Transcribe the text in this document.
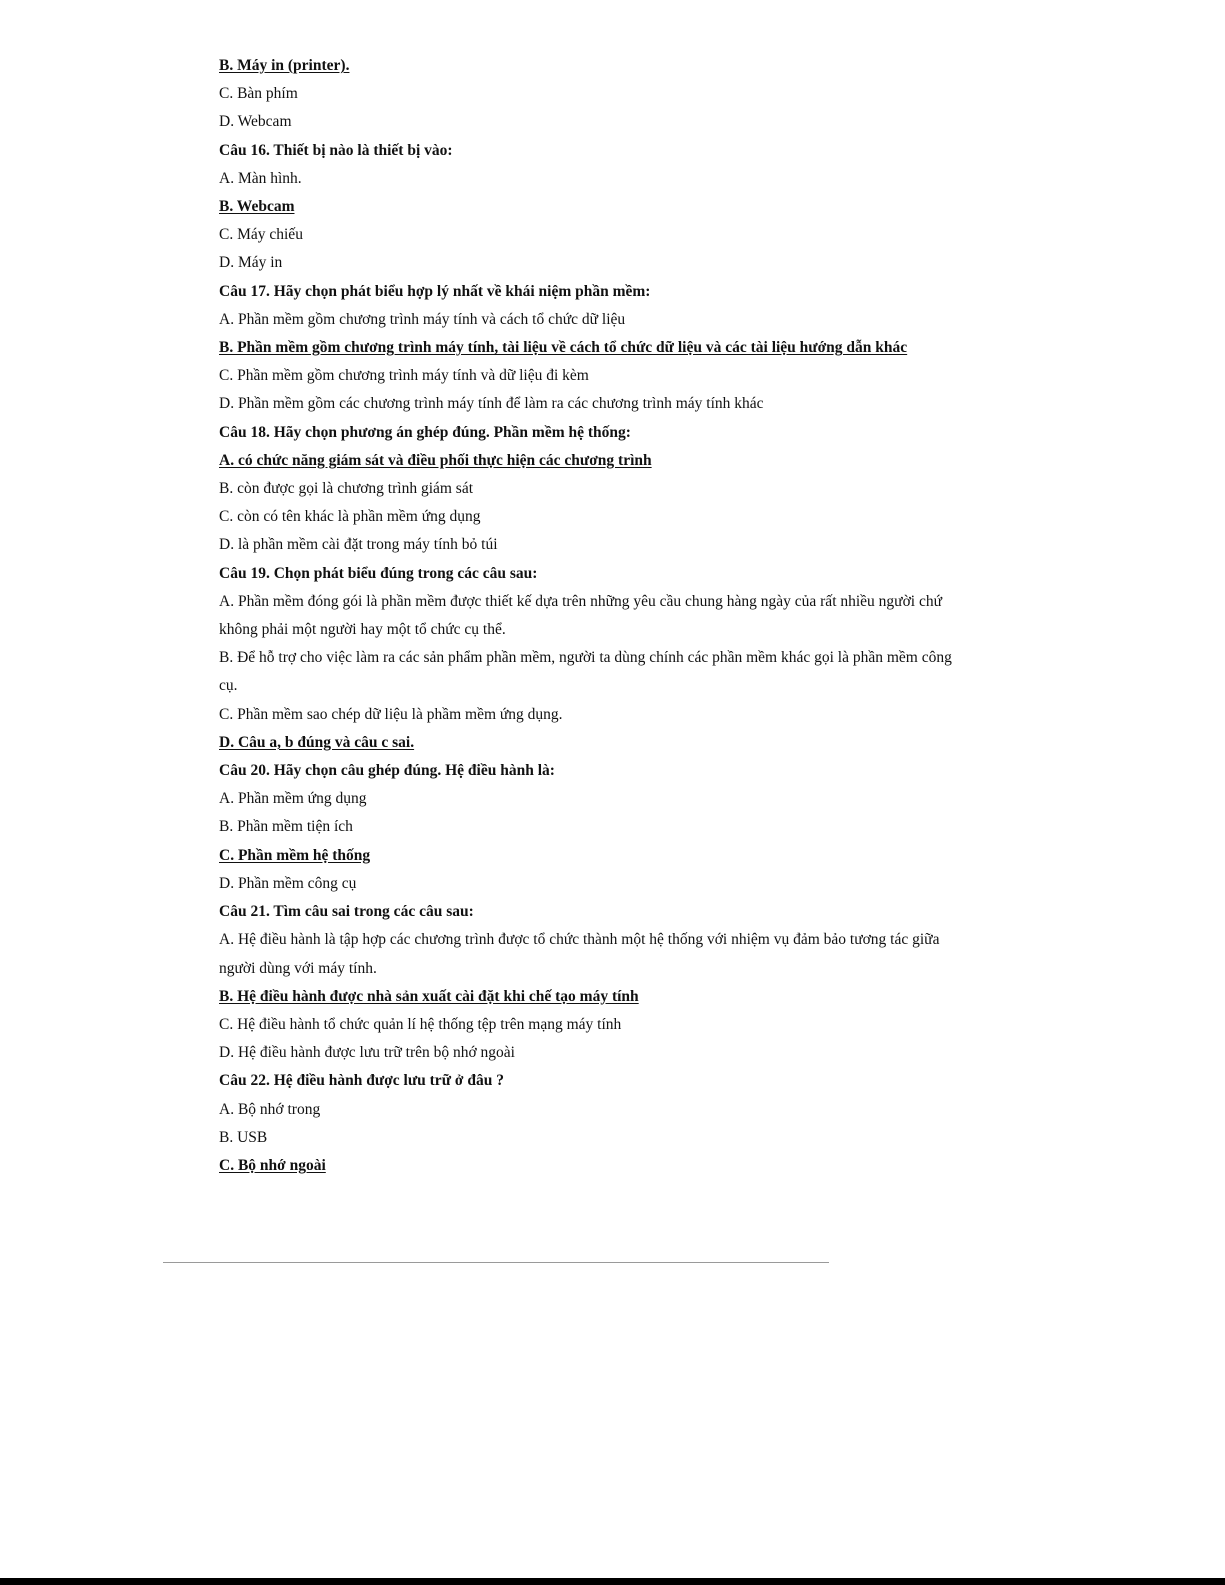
B. Máy in (printer).

C. Bàn phím

D. Webcam

Câu 16. Thiết bị nào là thiết bị vào:

A. Màn hình.

B. Webcam

C. Máy chiếu

D. Máy in

Câu 17. Hãy chọn phát biểu hợp lý nhất về khái niệm phần mềm:

A. Phần mềm gồm chương trình máy tính và cách tổ chức dữ liệu

B. Phần mềm gồm chương trình máy tính, tài liệu về cách tổ chức dữ liệu và các tài liệu hướng dẫn khác

C. Phần mềm gồm chương trình máy tính và dữ liệu đi kèm

D. Phần mềm gồm các chương trình máy tính để làm ra các chương trình máy tính khác

Câu 18. Hãy chọn phương án ghép đúng. Phần mềm hệ thống:

A. có chức năng giám sát và điều phối thực hiện các chương trình

B. còn được gọi là chương trình giám sát

C. còn có tên khác là phần mềm ứng dụng

D. là phần mềm cài đặt trong máy tính bỏ túi

Câu 19. Chọn phát biểu đúng trong các câu sau:

A. Phần mềm đóng gói là phần mềm được thiết kế dựa trên những yêu cầu chung hàng ngày của rất nhiều người chứ

không phải một người hay một tổ chức cụ thể.

B. Để hỗ trợ cho việc làm ra các sản phẩm phần mềm, người ta dùng chính các phần mềm khác gọi là phần mềm công

cụ.

C. Phần mềm sao chép dữ liệu là phầm mềm ứng dụng.

D. Câu a, b đúng và câu c sai.

Câu 20. Hãy chọn câu ghép đúng. Hệ điều hành là:

A. Phần mềm ứng dụng

B. Phần mềm tiện ích

C. Phần mềm hệ thống

D. Phần mềm công cụ

Câu 21. Tìm câu sai trong các câu sau:

A. Hệ điều hành là tập hợp các chương trình được tổ chức thành một hệ thống với nhiệm vụ đảm bảo tương tác giữa

người dùng với máy tính.

B. Hệ điều hành được nhà sản xuất cài đặt khi chế tạo máy tính

C. Hệ điều hành tổ chức quản lí hệ thống tệp trên mạng máy tính

D. Hệ điều hành được lưu trữ trên bộ nhớ ngoài

Câu 22. Hệ điều hành được lưu trữ ở đâu ?

A. Bộ nhớ trong

B. USB

C. Bộ nhớ ngoài
